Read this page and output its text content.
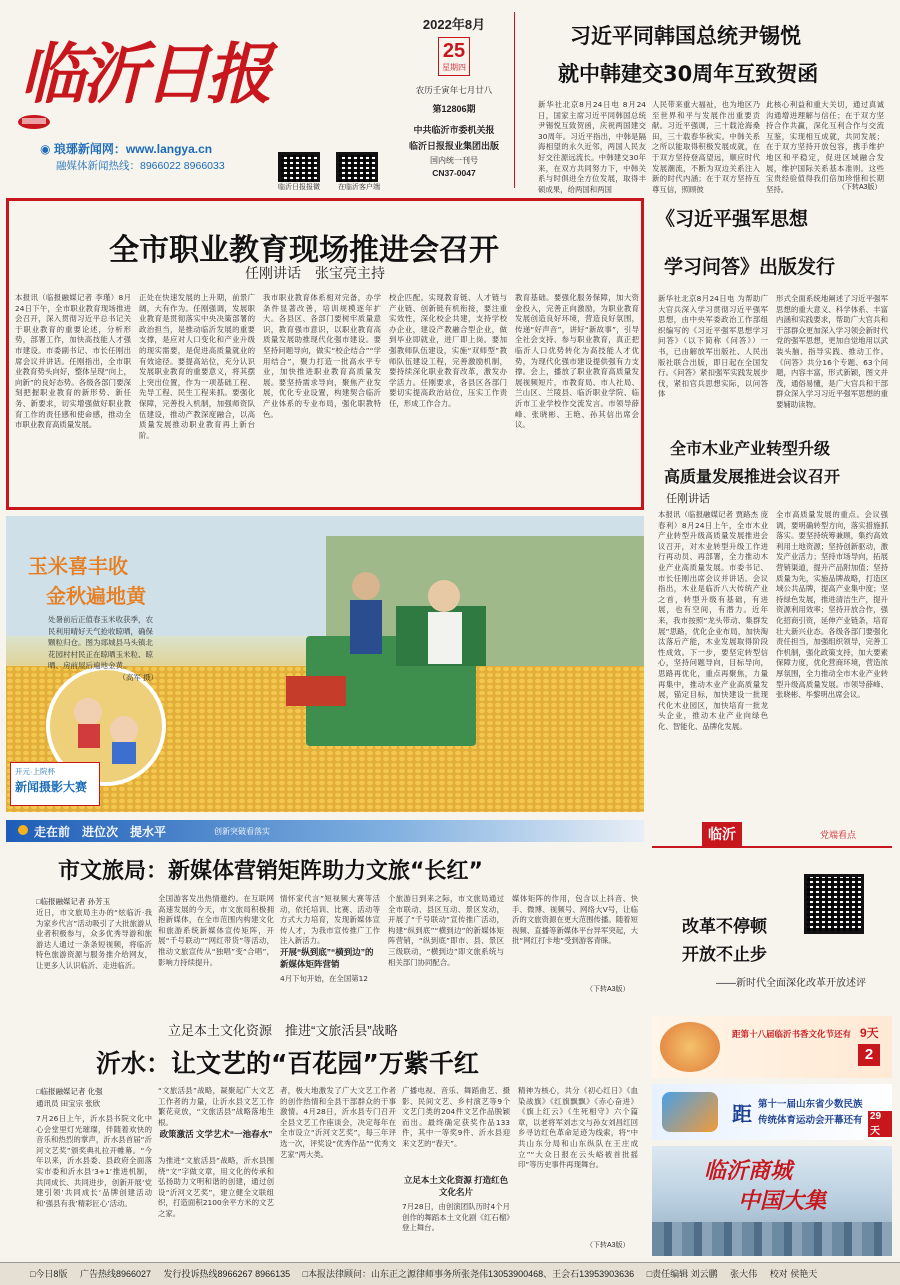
临沂日报
◉ 琅琊新闻网：www.langya.cn
融媒体新闻热线：8966022 8966033
临沂日报报微	在临沂客户端
2022年8月
25
星期四
农历壬寅年七月廿八
第12806期
中共临沂市委机关报
临沂日报报业集团出版
国内统一刊号
CN37-0047
习近平同韩国总统尹锡悦
就中韩建交30周年互致贺函
新华社北京8月24日电 8月24日，国家主席习近平同韩国总统尹锡悦互致贺函，庆祝两国建交30周年。习近平指出，中韩是隔海相望的永久近邻，两国人民友好交往源远流长。中韩建交30年来，在双方共同努力下，中韩关系与时俱进全方位发展，取得丰硕成果，给两国和两国
人民带来重大福祉，也为地区乃至世界和平与发展作出重要贡献。习近平强调，三十载沧海桑田，三十载春华秋实。中韩关系之所以能取得积极发展成就，在于双方坚持登高望远，顺应时代发展潮流，不断为双边关系注入新的时代内涵；在于双方坚持互尊互信，照顾彼
此核心利益和重大关切，通过真诚沟通增进理解与信任；在于双方坚持合作共赢，深化互利合作与交流互鉴，实现相互成就，共同发展；在于双方坚持开放包容，携手维护地区和平稳定，促进区域融合发展，维护国际关系基本准则。这些宝贵经验值得我们倍加珍惜和长期坚持。	（下转A3版）
全市职业教育现场推进会召开
任刚讲话　张宝亮主持
本报讯（临报融媒记者 李瑾）8月24日下午，全市职业教育现场推进会召开，深入贯彻习近平总书记关于职业教育的重要论述，分析形势，部署工作，加快高技能人才强市建设。市委副书记、市长任刚出席会议并讲话。任刚指出，全市职业教育势头向好，整体呈现“向上，向新”的良好态势。各级各部门要深刻把握职业教育的新形势、新任务、新要求，切实增强做好职业教育工作的责任感和使命感，推动全市职业教育高质量发展。
正处在快速发展的上升期，前景广阔，大有作为。任刚强调，发展职业教育是贯彻落实中央决策部署的政治担当，是推动临沂发展的重要支撑，是应对人口变化和产业升级的现实需要，是促进高质量就业的有效途径。要提高站位，充分认识发展职业教育的重要意义，将其摆上突出位置，作为一项基础工程、先导工程、民生工程来抓。要强化保障，完善投入机制，加强师资队伍建设，推动产教深度融合，以高质量发展推动职业教育再上新台阶。
我市职业教育体系相对完备，办学条件显著改善，培训规模逐年扩大。各县区、各部门要树牢质量意识，教育强市意识，以职业教育高质量发展助推现代化强市建设。要坚持问题导向，做实“校企结合”“学用结合”，聚力打造一批高水平专业，加快推进职业教育高质量发展。要坚持需求导向，聚焦产业发展，优化专业设置，构建契合临沂产业体系的专业布局，强化职教特色。
校企匹配。实现教育链、人才链与产业链、创新链有机衔接，要注重实效性，深化校企共建，支持学校办企业，建设产教融合型企业，做到毕业即就业，进厂即上岗。要加强教师队伍建设，实施“双师型”教师队伍建设工程，完善激励机制，要持续深化职业教育改革，激发办学活力。任刚要求，各县区各部门要切实提高政治站位，压实工作责任，形成工作合力。
教育基础。要强化服务保障，加大资金投入，完善正向激励，为职业教育发展创造良好环境，营造良好氛围，传递“好声音”，讲好“新故事”，引导全社会支持、参与职业教育，真正把临沂人口优势转化为高技能人才优势，为现代化强市建设提供强有力支撑。会上，播放了职业教育高质量发展视频短片，市教育局、市人社局、兰山区、兰陵县、临沂职业学院、临沂市工业学校作交流发言。市领导薛峰、张晓彬、王艳、孙其信出席会议。
《习近平强军思想
学习问答》出版发行
新华社北京8月24日电 为帮助广大官兵深入学习贯彻习近平强军思想，由中央军委政治工作部组织编写的《习近平强军思想学习问答》（以下简称《问答》）一书，已由解放军出版社、人民出版社联合出版，即日起在全国发行。《问答》紧扣强军实践发展步伐，紧扣官兵思想实际，以问答体
形式全面系统地阐述了习近平强军思想的重大意义、科学体系、丰富内涵和实践要求，帮助广大官兵和干部群众更加深入学习领会新时代党的强军思想，更加自觉地用以武装头脑、指导实践、推动工作。《问答》共分16个专题、63个问题，内容丰富，形式新颖，图文并茂，通俗易懂，是广大官兵和干部群众深入学习习近平强军思想的重要辅助读物。
全市木业产业转型升级
高质量发展推进会议召开
任刚讲话
本报讯（临报融媒记者 贾路杰 庞春利）8月24日上午，全市木业产业转型升级高质量发展推进会议召开，对木业转型升级工作进行再动员、再部署，全力推动木业产业高质量发展。市委书记、市长任刚出席会议并讲话。会议指出，木业是临沂八大传统产业之首，转型升级有基础，有进展，也有空间，有潜力。近年来，我市按照“龙头带动、集群发展”思路，优化企业布局，加快淘汰落后产能，木业发展取得阶段性成效。下一步，要坚定转型信心，坚持问题导向，目标导向，思路再优化，重点再聚焦，力量再集中，推动木业产业高质量发展，锚定目标，加快建设一批现代化木业园区，加快培育一批龙头企业，推动木业产业向绿色化、智能化、品牌化发展。
全市高质量发展的重点。会议强调，要明确转型方向，落实措施抓落实。要坚持统筹兼顾，集约高效利用土地资源；坚持创新驱动，激发产业活力；坚持市场导向，拓展营销渠道，提升产品附加值；坚持质量为先，实施品牌战略，打造区域公共品牌，提高产业集中度；坚持绿色发展，推进清洁生产，提升资源利用效率；坚持开放合作，强化招商引资，延伸产业链条，培育壮大新兴业态。各级各部门要强化责任担当，加强组织领导，完善工作机制，强化政策支持，加大要素保障力度，优化营商环境，营造浓厚氛围，全力推动全市木业产业转型升级高质量发展。市领导薛峰、张晓彬、毕黎明出席会议。
玉米喜丰收
金秋遍地黄
处暑前后正值春玉米收获季，农民利用晴好天气抢收晾晒，确保颗粒归仓。图为郯城县马头镇北花园村村民正在晾晒玉米粒、晾晒、房前屋后遍地金黄。

（高军 摄）
开元·上院杯
新闻摄影大赛
走在前　进位次　提水平	创新突破看落实
市文旅局：新媒体营销矩阵助力文旅“长红”
□临报融媒记者 孙芳玉
近日，市文旅局主办的“炫临沂·我为家乡代言”活动吸引了大批旅游从业者积极参与，众多优秀导游和旅游达人通过一条条短视频，将临沂特色旅游资源与服务推介给网友，让更多人认识临沂、走进临沂。
全国游客发出热情邀约。在互联网高速发展的今天，市文旅局积极拥抱新媒体，在全市范围内构建文化和旅游系统新媒体宣传矩阵，开展“千号联动”“网红带货”等活动，推动文旅宣传从“独唱”变“合唱”，影响力持续提升。
情怀家代言”短视频大赛等活动，依托培训、比赛、活动等方式大力培育，发现新媒体宣传人才，为我市宣传推广工作注入新活力。
开展“纵到底”“横到边”的新媒体矩阵营销
4月下旬开始，在全国第12
个旅游日到来之际，市文旅局通过全市联动、县区互动、景区发动，开展了“千号联动”宣传推广活动，构建“纵到底”“横到边”的新媒体矩阵营销，“纵到底”即市、县、景区三级联动，“横到边”即文旅系统与相关部门协同配合。
媒体矩阵的作用，包含以上抖音、快手、微博、视频号、网络大V号，让临沂的文旅资源在更大范围传播。随着短视频、直播等新媒体平台异军突起，大批“网红打卡地”受到游客青睐。
（下转A3版）
临沂	党端看点
改革不停顿
开放不止步
——新时代全面深化改革开放述评
立足本土文化资源　推进“文旅活县”战略
沂水：让文艺的“百花园”万紫千红
□临报融媒记者 化强
通讯员 田宝宗 张欣
7月26日上午，沂水县书院文化中心会堂里灯光璀璨，伴随着欢快的音乐和热烈的掌声，沂水县首届“沂河文艺奖”颁奖典礼拉开帷幕。“今年以来，沂水县委、县政府全面落实市委和沂水县‘3+1’推进机制，共同成长、共同进步，创新开展‘党建引领’共同成长‘品牌创建活动和‘强县有我’精彩匠心’活动。
“文旅活县”战略，凝聚起广大文艺工作者的力量，让沂水县文艺工作繁花竞放，“文旅活县”战略落地生根。
政策激活 文学艺术“一池春水”
为推进“文旅活县”战略，沂水县围绕“文”字做文章，用文化的传承和弘扬助力文明和谐的创建，通过创设“沂河文艺奖”，建立健全文联组织，打造面积2100余平方米的文艺之家。
者，极大地激发了广大文艺工作者的创作热情和全县干部群众的干事激情。4月28日，沂水县专门召开全县文艺工作座谈会，决定每年在全市设立“沂河文艺奖”，每三年评选一次，评奖设“优秀作品”“优秀文艺家”两大类。
广播电视、音乐、舞蹈曲艺、摄影、民间文艺、乡村演艺等9个文艺门类的204件文艺作品脱颖而出。最终确定获奖作品133件，其中一等奖9件、沂水县迎来文艺的“春天”。
立足本土文化资源 打造红色文化名片
7月28日，由创演团队历时4个月创作的舞蹈本土文化剧《红石榴》登上舞台。
精神为核心，共分《初心红日》《血染战旗》《红旗飘飘》《赤心奋进》《旗上红云》《生死相守》六个篇章，以老将军刘志文与孙女刘昌红回乡寻访红色革命足迹为线索，将“中共山东分局和山东纵队在王庄成立”“大众日报在云头峪被首批摇印”等历史事件再现舞台。
（下转A3版）
距第十八届临沂书香文化节还有 9天
2
距 第十一届山东省少数民族
传统体育运动会开幕还有 29天
临沂商城
中国大集
□今日8版 广告热线8966027 发行投诉热线8966267 8966135 □本报法律顾问：山东正之源律师事务所张尧伟13053900468、王会石13953903636 □责任编辑 刘云鹏 张大伟 校对 侯艳天
